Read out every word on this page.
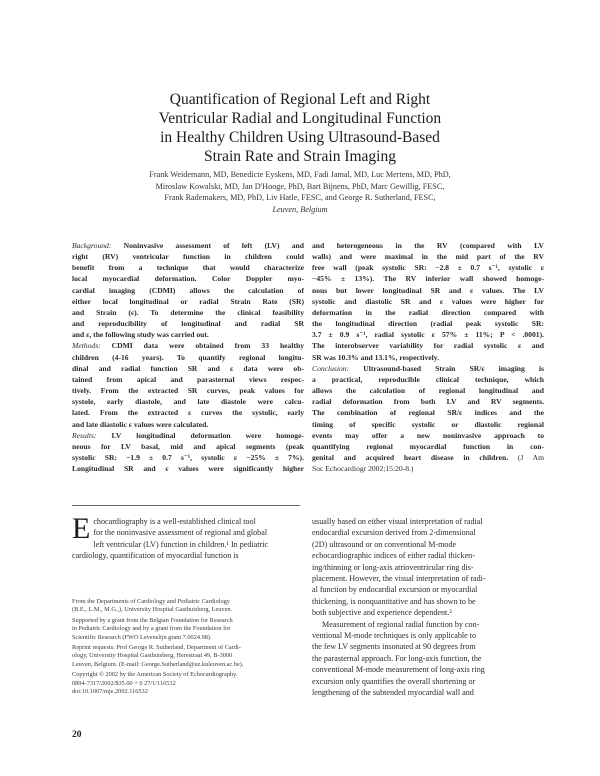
Quantification of Regional Left and Right
Ventricular Radial and Longitudinal Function
in Healthy Children Using Ultrasound-Based
Strain Rate and Strain Imaging
Frank Weidemann, MD, Benedicte Eyskens, MD, Fadi Jamal, MD, Luc Mertens, MD, PhD,
Miroslaw Kowalski, MD, Jan D'Hooge, PhD, Bart Bijnens, PhD, Marc Gewillig, FESC,
Frank Rademakers, MD, PhD, Liv Hatle, FESC, and George R. Sutherland, FESC,
Leuven, Belgium
Background: Noninvasive assessment of left (LV) and
right (RV) ventricular function in children could
benefit from a technique that would characterize
local myocardial deformation. Color Doppler myo-
cardial imaging (CDMI) allows the calculation of
either local longitudinal or radial Strain Rate (SR)
and Strain (ε). To determine the clinical feasibility
and reproducibility of longitudinal and radial SR
and ε, the following study was carried out.
Methods: CDMI data were obtained from 33 healthy
children (4-16 years). To quantify regional longitu-
dinal and radial function SR and ε data were ob-
tained from apical and parasternal views respec-
tively. From the extracted SR curves, peak values for
systole, early diastole, and late diastole were calcu-
lated. From the extracted ε curves the systolic, early
and late diastolic ε values were calculated.
Results: LV longitudinal deformation were homoge-
neous for LV basal, mid and apical segments (peak
systolic SR: −1.9 ± 0.7 s⁻¹, systolic ε −25% ± 7%).
Longitudinal SR and ε values were significantly higher
and heterogeneous in the RV (compared with LV
walls) and were maximal in the mid part of the RV
free wall (peak systolic SR: −2.8 ± 0.7 s⁻¹, systolic ε
−45% ± 13%). The RV inferior wall showed homoge-
nous but lower longitudinal SR and ε values. The LV
systolic and diastolic SR and ε values were higher for
deformation in the radial direction compared with
the longitudinal direction (radial peak systolic SR:
3.7 ± 0.9 s⁻¹, radial systolic ε 57% ± 11%; P < .0001).
The interobserver variability for radial systolic ε and
SR was 10.3% and 13.1%, respectively.
Conclusion: Ultrasound-based Strain SR/ε imaging is
a practical, reproducible clinical technique, which
allows the calculation of regional longitudinal and
radial deformation from both LV and RV segments.
The combination of regional SR/ε indices and the
timing of specific systolic or diastolic regional
events may offer a new noninvasive approach to
quantifying regional myocardial function in con-
genital and acquired heart disease in children. (J Am
Soc Echocardiogr 2002;15:20-8.)
E chocardiography is a well-established clinical tool
for the noninvasive assessment of regional and global
left ventricular (LV) function in children.¹ In pediatric
cardiology, quantification of myocardial function is
From the Departments of Cardiology and Pediatric Cardiology
(B.E., L.M., M.G.,), University Hospital Gasthuisberg, Leuven.
Supported by a grant from the Belgian Foundation for Research
in Pediatric Cardiology and by a grant from the Foundation for
Scientific Research (FWO Levenslijn grant 7.0024.98).
Reprint requests: Prof George R. Sutherland, Department of Cardi-
ology, University Hospital Gasthuisberg, Herestraat 49, B-3000
Leuven, Belgium. (E-mail: George.Sutherland@uz.kuleuven.ac.be).
Copyright © 2002 by the American Society of Echocardiography.
0894-7317/2002/$35.00 + 0 27/1/116532
doi:10.1067/mje.2002.116532
usually based on either visual interpretation of radial
endocardial excursion derived from 2-dimensional
(2D) ultrasound or on conventional M-mode
echocardiographic indices of either radial thicken-
ing/thinning or long-axis atrioventricular ring dis-
placement. However, the visual interpretation of radi-
al function by endocardial excursion or myocardial
thickening, is nonquantitative and has shown to be
both subjective and experience dependent.²
Measurement of regional radial function by con-
ventional M-mode techniques is only applicable to
the few LV segments insonated at 90 degrees from
the parasternal approach. For long-axis function, the
conventional M-mode measurement of long-axis ring
excursion only quantifies the overall shortening or
lengthening of the subtended myocardial wall and
20
